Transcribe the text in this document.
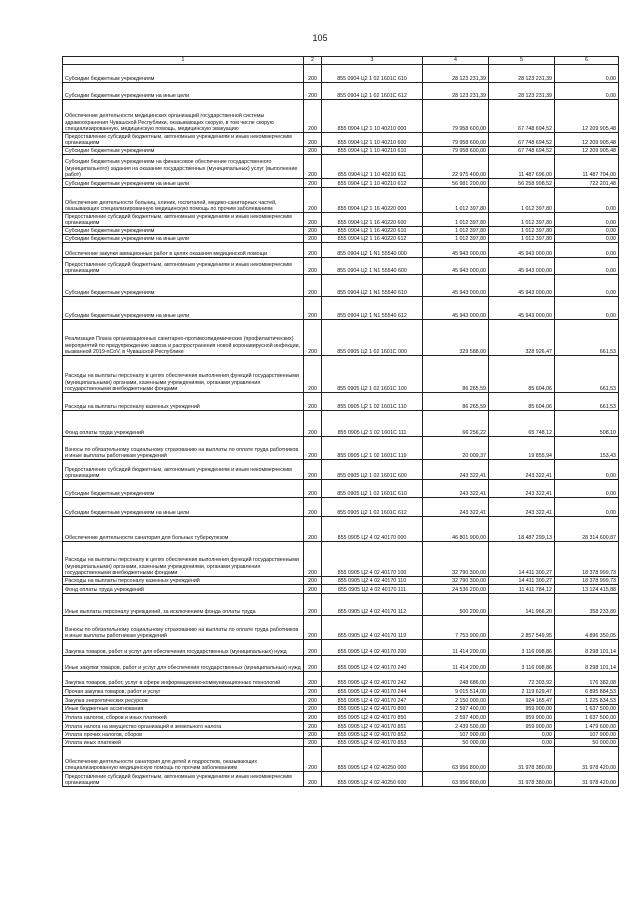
105
1	2	3	4	5	6
Субсидии бюджетным учреждениям	200	855 0904 Ц2 1 02 1601С 610	28 123 231,39	28 123 231,39	0,00
Субсидии бюджетным учреждениям на иные цели	200	855 0904 Ц2 1 02 1601С 612	28 123 231,39	28 123 231,39	0,00
Обеспечение деятельности медицинских организаций государственной системы здравоохранения Чувашской Республики, оказывающих скорую, в том числе скорую специализированную, медицинскую помощь, медицинскую эвакуацию	200	855 0904 Ц2 1 10 40210 000	79 958 600,00	67 748 694,52	12 209 905,48
Предоставление субсидий бюджетным, автономным учреждениям и иным некоммерческим организациям	200	855 0904 Ц2 1 10 40210 600	79 958 600,00	67 748 694,52	12 209 905,48
Субсидии бюджетным учреждениям	200	855 0904 Ц2 1 10 40210 610	79 958 600,00	67 748 694,52	12 209 905,48
Субсидии бюджетным учреждениям на финансовое обеспечение государственного (муниципального) задания на оказание государственных (муниципальных) услуг (выполнение работ)	200	855 0904 Ц2 1 10 40210 611	22 975 400,00	11 487 696,00	11 487 704,00
Субсидии бюджетным учреждениям на иные цели	200	855 0904 Ц2 1 10 40210 612	56 981 200,00	56 258 998,52	722 201,48
Обеспечение деятельности больниц, клиник, госпиталей, медико-санитарных частей, оказывающих специализированную медицинскую помощь по прочим заболеваниям	200	855 0904 Ц2 1 16 40220 000	1 012 397,80	1 012 397,80	0,00
Предоставление субсидий бюджетным, автономным учреждениям и иным некоммерческим организациям	200	855 0904 Ц2 1 16 40220 600	1 012 397,80	1 012 397,80	0,00
Субсидии бюджетным учреждениям	200	855 0904 Ц2 1 16 40220 610	1 012 397,80	1 012 397,80	0,00
Субсидии бюджетным учреждениям на иные цели	200	855 0904 Ц2 1 16 40220 612	1 012 397,80	1 012 397,80	0,00
Обеспечение закупки авиационных работ в целях оказания медицинской помощи	200	855 0904 Ц2 1 N1 55540 000	45 943 000,00	45 943 000,00	0,00
Предоставление субсидий бюджетным, автономным учреждениям и иным некоммерческим организациям	200	855 0904 Ц2 1 N1 55540 600	45 943 000,00	45 943 000,00	0,00
Субсидии бюджетным учреждениям	200	855 0904 Ц2 1 N1 55540 610	45 943 000,00	45 943 000,00	0,00
Субсидии бюджетным учреждениям на иные цели	200	855 0904 Ц2 1 N1 55540 612	45 943 000,00	45 943 000,00	0,00
Реализация Плана организационных санитарно-противоэпидемических (профилактических) мероприятий по предупреждению завоза и распространения новой коронавирусной инфекции, вызванной 2019-nCoV, в Чувашской Республике	200	855 0905 Ц2 1 02 1601С 000	329 588,00	328 926,47	661,53
Расходы на выплаты персоналу в целях обеспечения выполнения функций государственными (муниципальными) органами, казенными учреждениями, органами управления государственными внебюджетными фондами	200	855 0905 Ц2 1 02 1601С 100	86 265,59	85 604,06	661,53
Расходы на выплаты персоналу казенных учреждений	200	855 0905 Ц2 1 02 1601С 110	86 265,59	85 604,06	661,53
Фонд оплаты труда учреждений	200	855 0905 Ц2 1 02 1601С 111	66 256,22	65 748,12	508,10
Взносы по обязательному социальному страхованию на выплаты по оплате труда работников и иные выплаты работникам учреждений	200	855 0905 Ц2 1 02 1601С 119	20 009,37	19 855,94	153,43
Предоставление субсидий бюджетным, автономным учреждениям и иным некоммерческим организациям	200	855 0905 Ц2 1 02 1601С 600	243 322,41	243 322,41	0,00
Субсидии бюджетным учреждениям	200	855 0905 Ц2 1 02 1601С 610	243 322,41	243 322,41	0,00
Субсидии бюджетным учреждениям на иные цели	200	855 0905 Ц2 1 02 1601С 612	243 322,41	243 322,41	0,00
Обеспечение деятельности санатория для больных туберкулезом	200	855 0905 Ц2 4 02 40170 000	46 801 900,00	18 487 299,13	28 314 600,87
Расходы на выплаты персоналу в целях обеспечения выполнения функций государственными (муниципальными) органами, казенными учреждениями, органами управления государственными внебюджетными фондами	200	855 0905 Ц2 4 02 40170 100	32 790 300,00	14 411 300,27	18 378 999,73
Расходы на выплаты персоналу казенных учреждений	200	855 0905 Ц2 4 02 40170 110	32 790 300,00	14 411 300,27	18 378 999,73
Фонд оплаты труда учреждений	200	855 0905 Ц2 4 02 40170 111	24 536 200,00	11 411 784,12	13 124 415,88
Иные выплаты персоналу учреждений, за исключением фонда оплаты труда	200	855 0905 Ц2 4 02 40170 112	500 200,00	141 966,20	358 233,80
Взносы по обязательному социальному страхованию на выплаты по оплате труда работников и иные выплаты работникам учреждений	200	855 0905 Ц2 4 02 40170 119	7 753 900,00	2 857 549,95	4 896 350,05
Закупка товаров, работ и услуг для обеспечения государственных (муниципальных) нужд	200	855 0905 Ц2 4 02 40170 200	11 414 200,00	3 116 098,86	8 298 101,14
Иные закупки товаров, работ и услуг для обеспечения государственных (муниципальных) нужд	200	855 0905 Ц2 4 02 40170 240	11 414 200,00	3 116 098,86	8 298 101,14
Закупка товаров, работ, услуг в сфере информационно-коммуникационных технологий	200	855 0905 Ц2 4 02 40170 242	248 686,00	72 303,92	176 382,08
Прочая закупка товаров, работ и услуг	200	855 0905 Ц2 4 02 40170 244	9 015 514,00	2 119 629,47	6 895 884,53
Закупка энергетических ресурсов	200	855 0905 Ц2 4 02 40170 247	2 150 000,00	924 165,47	1 225 834,53
Иные бюджетные ассигнования	200	855 0905 Ц2 4 02 40170 800	2 597 400,00	959 900,00	1 637 500,00
Уплата налогов, сборов и иных платежей	200	855 0905 Ц2 4 02 40170 850	2 597 400,00	959 900,00	1 637 500,00
Уплата налога на имущество организаций и земельного налога	200	855 0905 Ц2 4 02 40170 851	2 439 500,00	959 900,00	1 479 600,00
Уплата прочих налогов, сборов	200	855 0905 Ц2 4 02 40170 852	107 900,00	0,00	107 900,00
Уплата иных платежей	200	855 0905 Ц2 4 02 40170 853	50 000,00	0,00	50 000,00
Обеспечение деятельности санатория для детей и подростков, оказывающих специализированную медицинскую помощь по прочим заболеваниям	200	855 0905 Ц2 4 02 40250 000	63 956 800,00	31 978 380,00	31 978 420,00
Предоставление субсидий бюджетным, автономным учреждениям и иным некоммерческим организациям	200	855 0905 Ц2 4 02 40250 600	63 956 800,00	31 978 380,00	31 978 420,00
